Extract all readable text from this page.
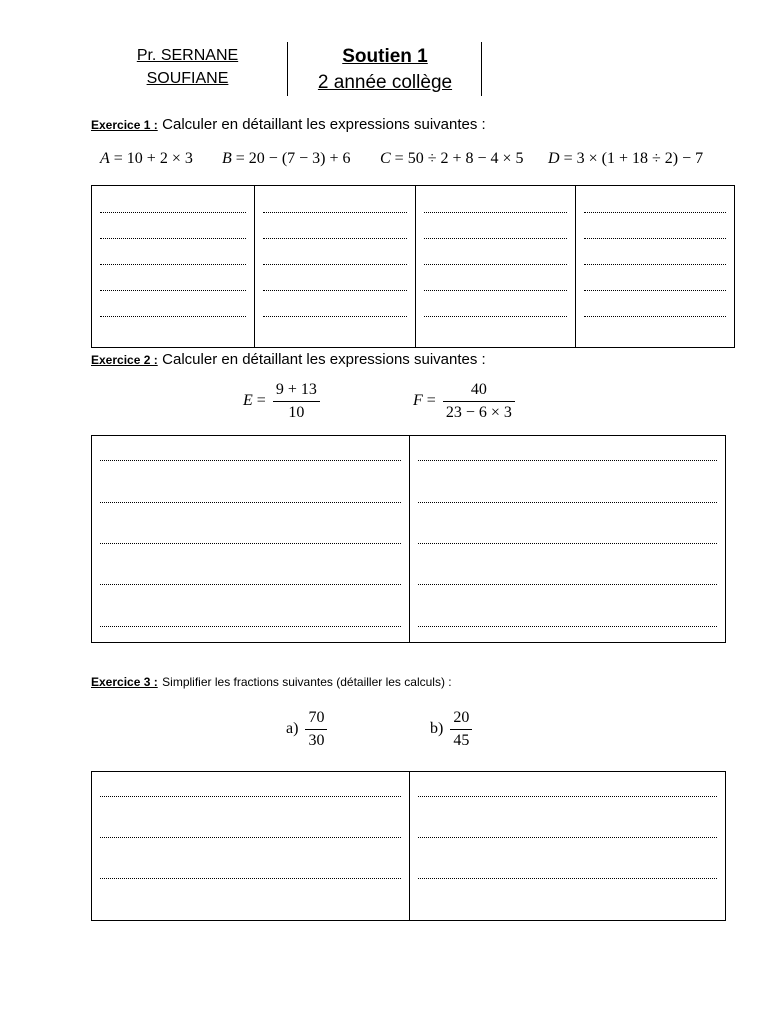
Pr. SERNANE
SOUFIANE
Soutien 1
2 année collège
Exercice 1 : Calculer en détaillant les expressions suivantes :
A = 10 + 2 × 3 B = 20 − (7 − 3) + 6 C = 50 ÷ 2 + 8 − 4 × 5 D = 3 × (1 + 18 ÷ 2) − 7
Exercice 2 : Calculer en détaillant les expressions suivantes :
$E = \frac{9 + 13}{10}$	$F = \frac{40}{23 - 6 \times 3}$
Exercice 3 : Simplifier les fractions suivantes (détailler les calculs) :
$a) \frac{70}{30}$	$b) \frac{20}{45}$
